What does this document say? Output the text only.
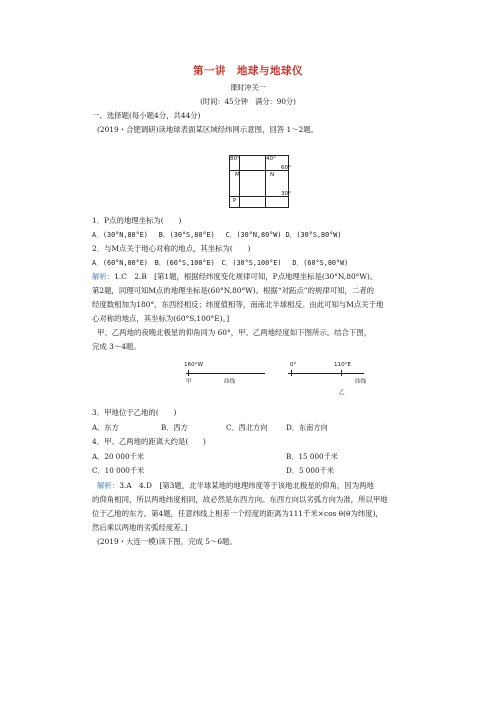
第一讲　地球与地球仪
课时冲关一
(时间：45分钟　满分：90分)
一、选择题(每小题4分，共44分)
(2019・合肥调研)读地球表面某区域经纬网示意图，回答 1～2题。
80°	40°
60°
30°
M	N
P
1．P点的地理坐标为(　　)
A．(30°N,80°E)　 B．(30°S,80°E)　 C．(30°N,80°W) D．(30°S,80°W)
2．与M点关于地心对称的地点，其坐标为(　　)
A．(60°N,80°E)　B．(60°S,100°E)　C．(30°S,100°E)　 D．(60°S,80°W)
解析：1.C　2.B　[第1题，根据经纬度变化规律可知，P点地理坐标是(30°N,80°W)。
第2题，同理可知M点的地理坐标是(60°N,80°W)。根据“对跖点”的规律可知，二者的
经度数相加为180°，东西经相反；纬度值相等，南南北半球相反。由此可知与M点关于地
心对称的地点，其坐标为(60°S,100°E)。]
甲、乙两地的夜晚北极星的仰角同为 60°，甲、乙两地经度如下图所示。结合下图，
完成 3～4题。
160°W
甲	纬线
0°	110°E
纬线
乙
3．甲地位于乙地的(　　)
A．东方	B．西方	C．西北方向	D．东南方向
4．甲、乙两地的距离大约是(　　)
A．20 000千米	B．15 000千米
C．10 000千米	D．5 000千米
解析：3.A　4.D　[第3题，北半球某地的地理纬度等于该地北极星的仰角，因为两地
的仰角相同，所以两地纬度相同，故必然是东西方向。东西方向以劣弧方向为准，所以甲地
位于乙地的东方。第4题，任意纬线上相差一个经度的距离为111千米×cos θ(θ为纬度)，
然后乘以两地的劣弧经度差。]
(2019・大连一模)读下图，完成 5～6题。
